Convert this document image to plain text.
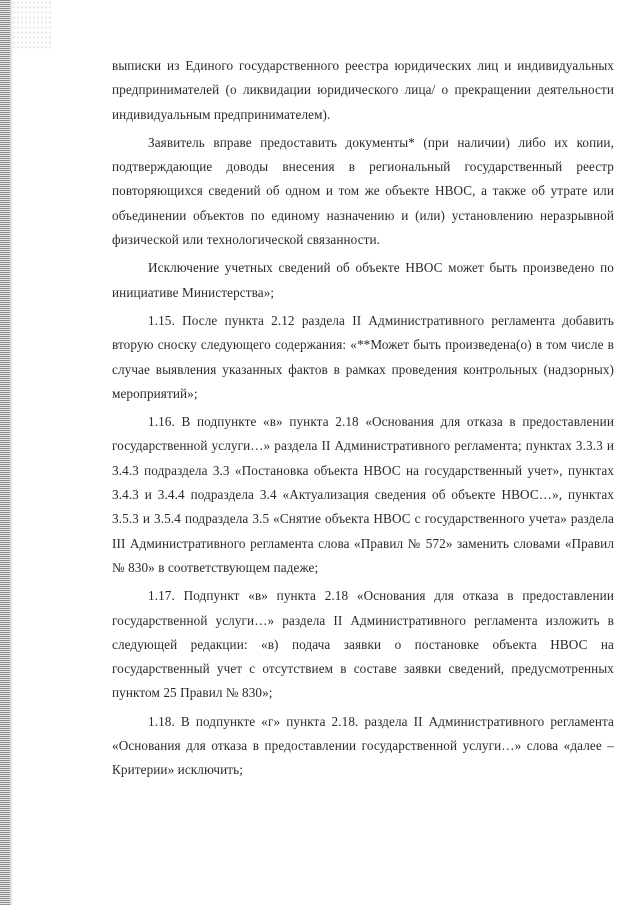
выписки из Единого государственного реестра юридических лиц и индивидуальных предпринимателей (о ликвидации юридического лица/ о прекращении деятельности индивидуальным предпринимателем).

Заявитель вправе предоставить документы* (при наличии) либо их копии, подтверждающие доводы внесения в региональный государственный реестр повторяющихся сведений об одном и том же объекте НВОС, а также об утрате или объединении объектов по единому назначению и (или) установлению неразрывной физической или технологической связанности.

Исключение учетных сведений об объекте НВОС может быть произведено по инициативе Министерства»;

1.15. После пункта 2.12 раздела II Административного регламента добавить вторую сноску следующего содержания: «**Может быть произведена(о) в том числе в случае выявления указанных фактов в рамках проведения контрольных (надзорных) мероприятий»;

1.16. В подпункте «в» пункта 2.18 «Основания для отказа в предоставлении государственной услуги…» раздела II Административного регламента; пунктах 3.3.3 и 3.4.3 подраздела 3.3 «Постановка объекта НВОС на государственный учет», пунктах 3.4.3 и 3.4.4 подраздела 3.4 «Актуализация сведения об объекте НВОС…», пунктах 3.5.3 и 3.5.4 подраздела 3.5 «Снятие объекта НВОС с государственного учета» раздела III Административного регламента слова «Правил № 572» заменить словами «Правил № 830» в соответствующем падеже;

1.17. Подпункт «в» пункта 2.18 «Основания для отказа в предоставлении государственной услуги…» раздела II Административного регламента изложить в следующей редакции: «в) подача заявки о постановке объекта НВОС на государственный учет с отсутствием в составе заявки сведений, предусмотренных пунктом 25 Правил № 830»;

1.18. В подпункте «г» пункта 2.18. раздела II Административного регламента «Основания для отказа в предоставлении государственной услуги…» слова «далее – Критерии» исключить;
